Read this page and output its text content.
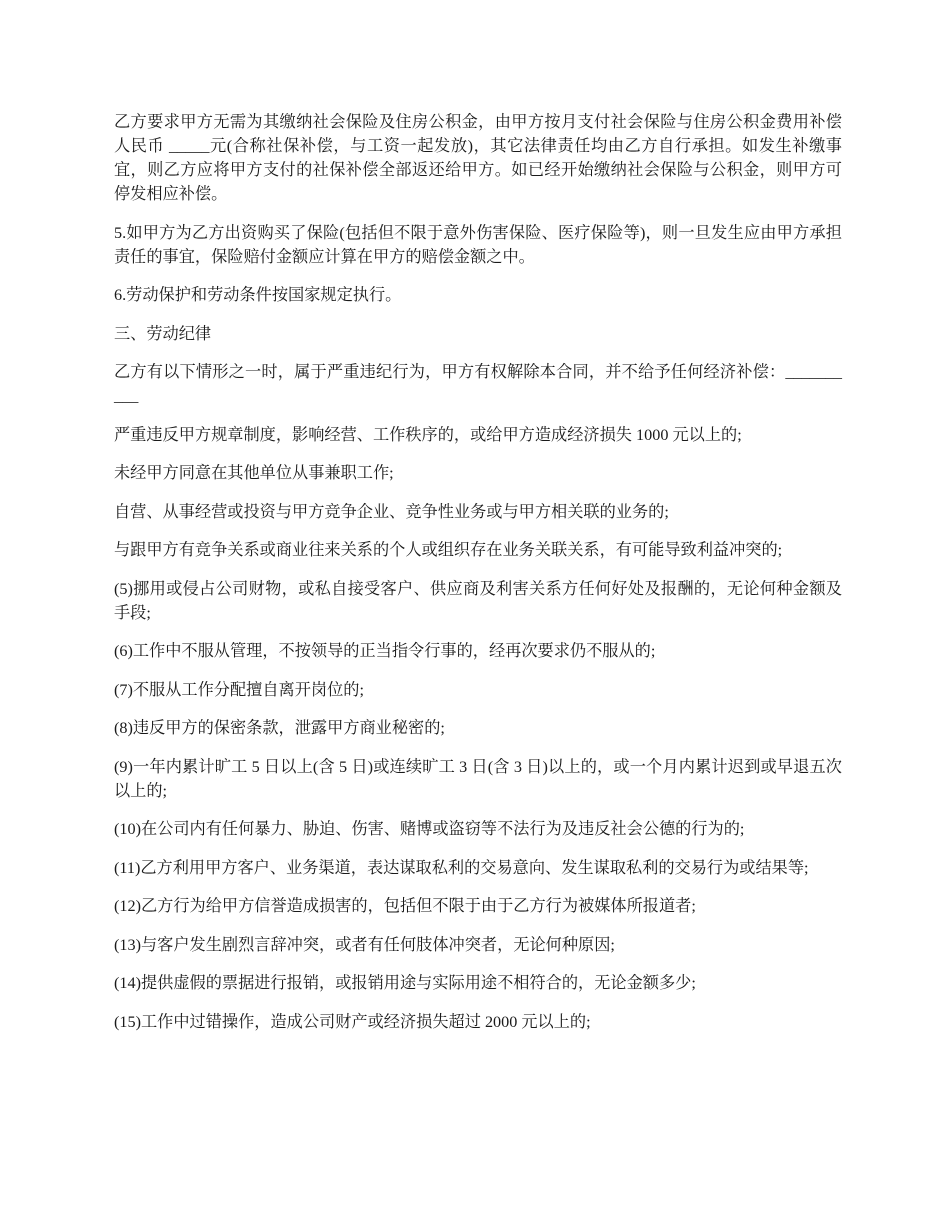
乙方要求甲方无需为其缴纳社会保险及住房公积金，由甲方按月支付社会保险与住房公积金费用补偿人民币 _____元(合称社保补偿，与工资一起发放)，其它法律责任均由乙方自行承担。如发生补缴事宜，则乙方应将甲方支付的社保补偿全部返还给甲方。如已经开始缴纳社会保险与公积金，则甲方可停发相应补偿。

5.如甲方为乙方出资购买了保险(包括但不限于意外伤害保险、医疗保险等)，则一旦发生应由甲方承担责任的事宜，保险赔付金额应计算在甲方的赔偿金额之中。

6.劳动保护和劳动条件按国家规定执行。

三、劳动纪律

乙方有以下情形之一时，属于严重违纪行为，甲方有权解除本合同，并不给予任何经济补偿：__________

严重违反甲方规章制度，影响经营、工作秩序的，或给甲方造成经济损失 1000 元以上的;

未经甲方同意在其他单位从事兼职工作;

自营、从事经营或投资与甲方竞争企业、竞争性业务或与甲方相关联的业务的;

与跟甲方有竞争关系或商业往来关系的个人或组织存在业务关联关系，有可能导致利益冲突的;

(5)挪用或侵占公司财物，或私自接受客户、供应商及利害关系方任何好处及报酬的，无论何种金额及手段;

(6)工作中不服从管理，不按领导的正当指令行事的，经再次要求仍不服从的;

(7)不服从工作分配擅自离开岗位的;

(8)违反甲方的保密条款，泄露甲方商业秘密的;

(9)一年内累计旷工 5 日以上(含 5 日)或连续旷工 3 日(含 3 日)以上的，或一个月内累计迟到或早退五次以上的;

(10)在公司内有任何暴力、胁迫、伤害、赌博或盗窃等不法行为及违反社会公德的行为的;

(11)乙方利用甲方客户、业务渠道，表达谋取私利的交易意向、发生谋取私利的交易行为或结果等;

(12)乙方行为给甲方信誉造成损害的，包括但不限于由于乙方行为被媒体所报道者;

(13)与客户发生剧烈言辞冲突，或者有任何肢体冲突者，无论何种原因;

(14)提供虚假的票据进行报销，或报销用途与实际用途不相符合的，无论金额多少;

(15)工作中过错操作，造成公司财产或经济损失超过 2000 元以上的;
